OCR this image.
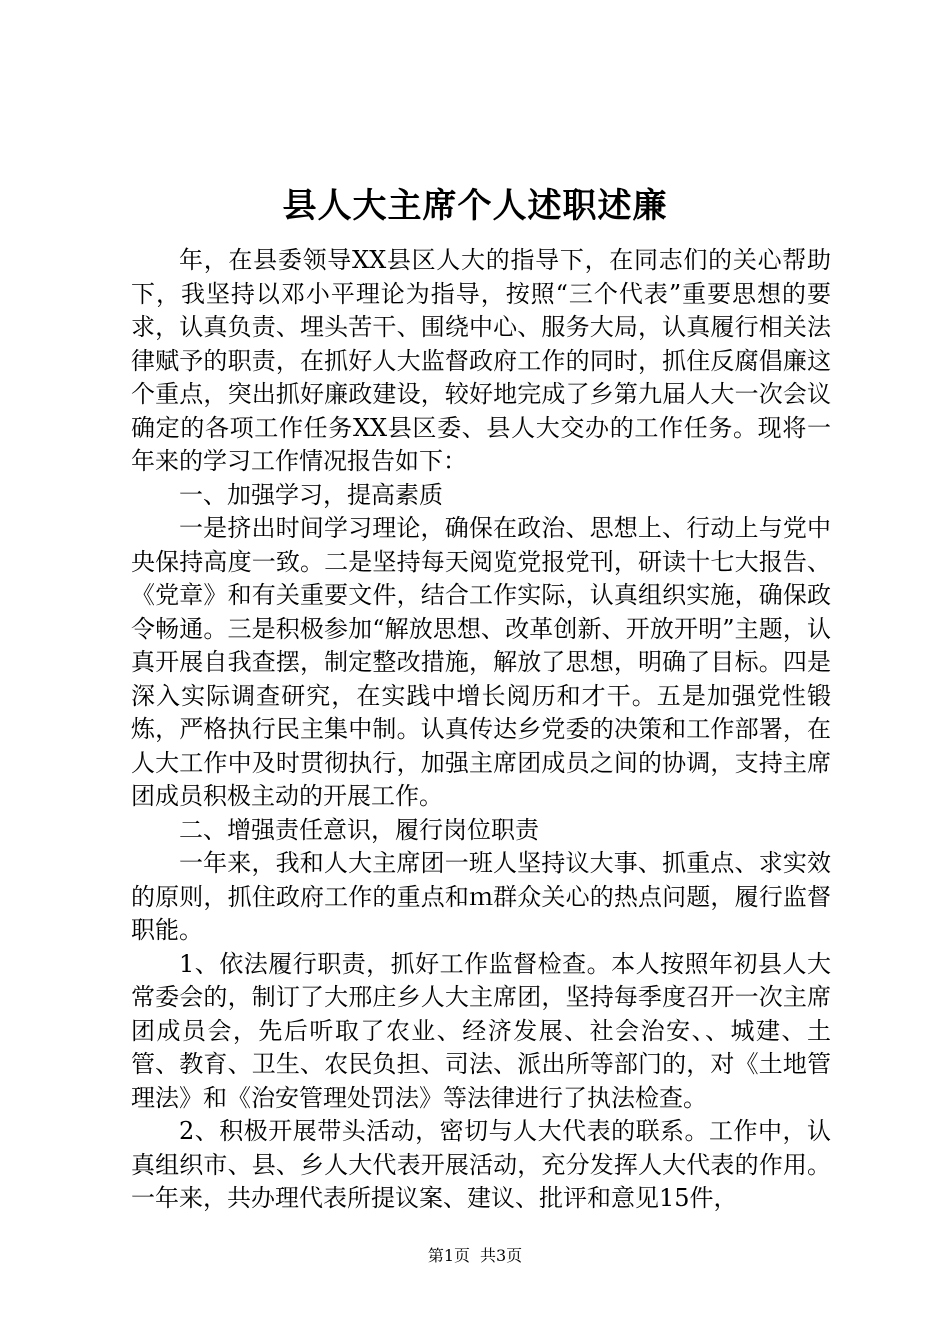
县人大主席个人述职述廉

年，在县委领导XX县区人大的指导下，在同志们的关心帮助下，我坚持以邓小平理论为指导，按照“三个代表”重要思想的要求，认真负责、埋头苦干、围绕中心、服务大局，认真履行相关法律赋予的职责，在抓好人大监督政府工作的同时，抓住反腐倡廉这个重点，突出抓好廉政建设，较好地完成了乡第九届人大一次会议确定的各项工作任务XX县区委、县人大交办的工作任务。现将一年来的学习工作情况报告如下：

一、加强学习，提高素质

一是挤出时间学习理论，确保在政治、思想上、行动上与党中央保持高度一致。二是坚持每天阅览党报党刊，研读十七大报告、《党章》和有关重要文件，结合工作实际，认真组织实施，确保政令畅通。三是积极参加“解放思想、改革创新、开放开明”主题，认真开展自我查摆，制定整改措施，解放了思想，明确了目标。四是深入实际调查研究，在实践中增长阅历和才干。五是加强党性锻炼，严格执行民主集中制。认真传达乡党委的决策和工作部署，在人大工作中及时贯彻执行，加强主席团成员之间的协调，支持主席团成员积极主动的开展工作。

二、增强责任意识，履行岗位职责

一年来，我和人大主席团一班人坚持议大事、抓重点、求实效的原则，抓住政府工作的重点和ｍ群众关心的热点问题，履行监督职能。

1、依法履行职责，抓好工作监督检查。本人按照年初县人大常委会的，制订了大邢庄乡人大主席团，坚持每季度召开一次主席团成员会，先后听取了农业、经济发展、社会治安、、城建、土管、教育、卫生、农民负担、司法、派出所等部门的，对《土地管理法》和《治安管理处罚法》等法律进行了执法检查。

2、积极开展带头活动，密切与人大代表的联系。工作中，认真组织市、县、乡人大代表开展活动，充分发挥人大代表的作用。一年来，共办理代表所提议案、建议、批评和意见15件，

第1页 共3页
